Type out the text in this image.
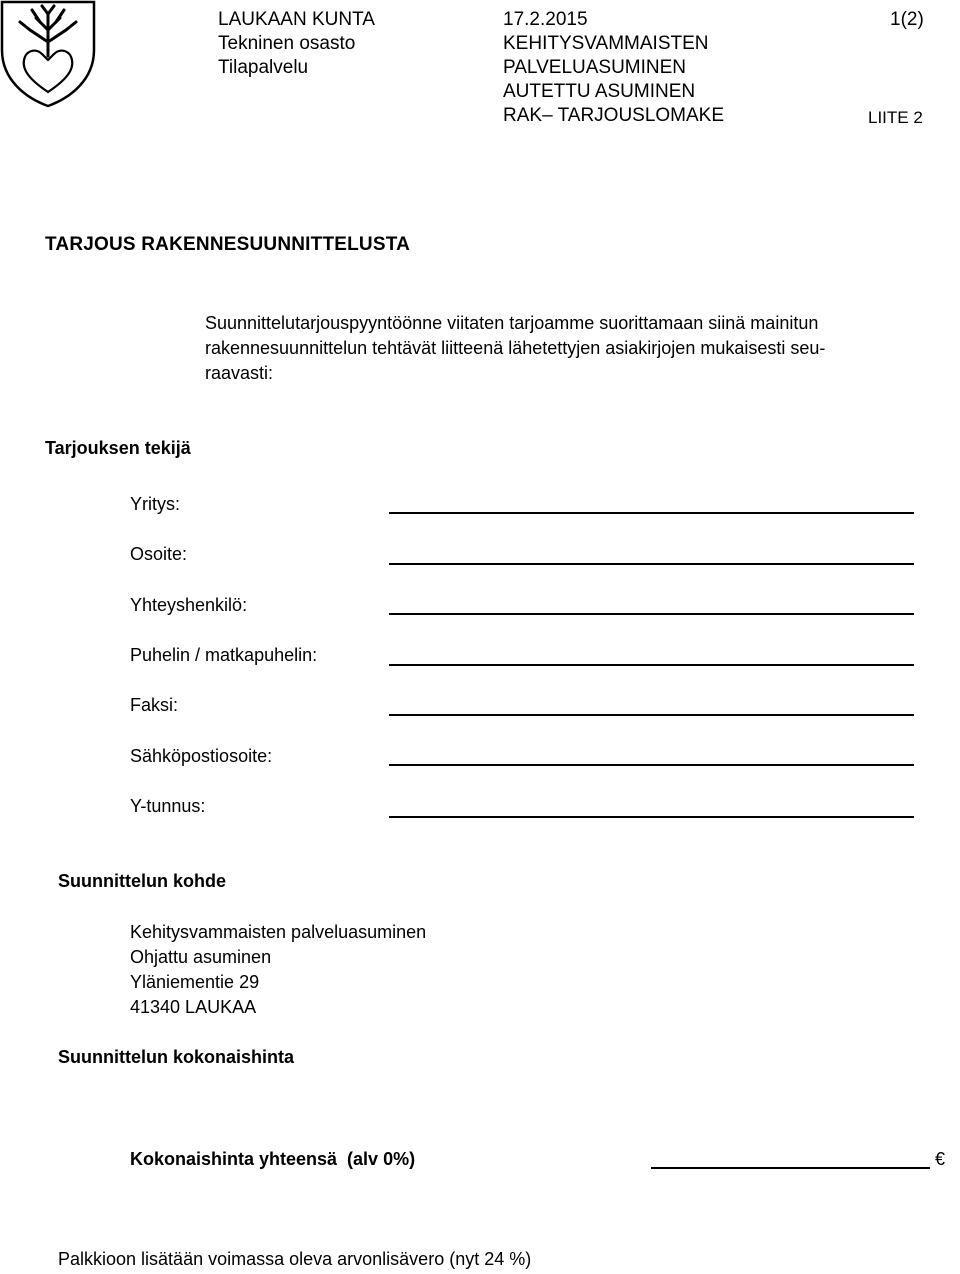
LAUKAAN KUNTA
Tekninen osasto
Tilapalvelu
17.2.2015
KEHITYSVAMMAISTEN
PALVELUASUMINEN
AUTETTU ASUMINEN
RAK– TARJOUSLOMAKE
1(2)
LIITE 2
TARJOUS RAKENNESUUNNITTELUSTA
Suunnittelutarjouspyyntöönne viitaten tarjoamme suorittamaan siinä mainitun
rakennesuunnittelun tehtävät liitteenä lähetettyjen asiakirjojen mukaisesti seu-
raavasti:
Tarjouksen tekijä
Yritys:
Osoite:
Yhteyshenkilö:
Puhelin / matkapuhelin:
Faksi:
Sähköpostiosoite:
Y-tunnus:
Suunnittelun kohde
Kehitysvammaisten palveluasuminen
Ohjattu asuminen
Yläniementie 29
41340 LAUKAA
Suunnittelun kokonaishinta
Kokonaishinta yhteensä  (alv 0%)	€
Palkkioon lisätään voimassa oleva arvonlisävero (nyt 24 %)
